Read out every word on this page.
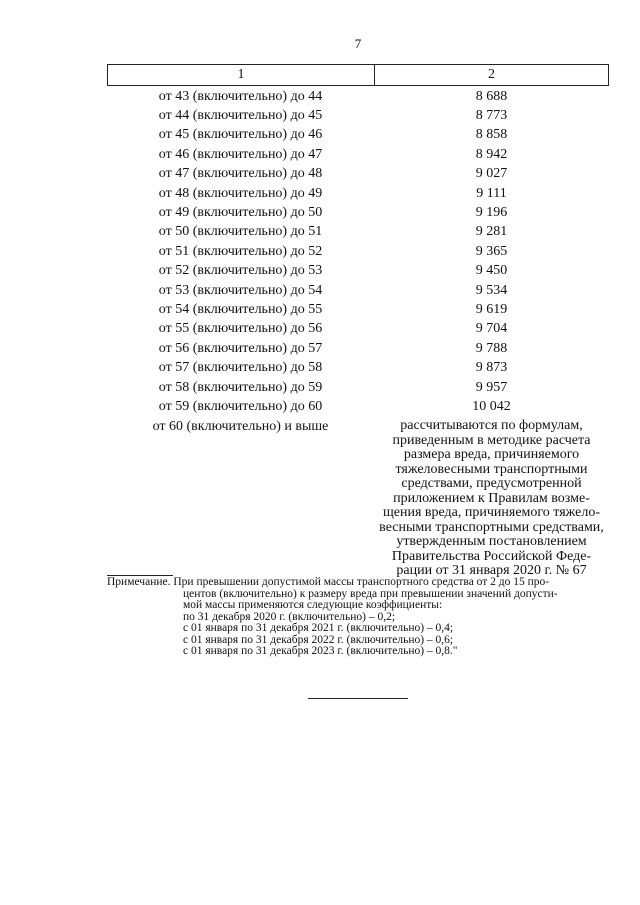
7
1	2
от 43 (включительно) до 44	8 688
от 44 (включительно) до 45	8 773
от 45 (включительно) до 46	8 858
от 46 (включительно) до 47	8 942
от 47 (включительно) до 48	9 027
от 48 (включительно) до 49	9 111
от 49 (включительно) до 50	9 196
от 50 (включительно) до 51	9 281
от 51 (включительно) до 52	9 365
от 52 (включительно) до 53	9 450
от 53 (включительно) до 54	9 534
от 54 (включительно) до 55	9 619
от 55 (включительно) до 56	9 704
от 56 (включительно) до 57	9 788
от 57 (включительно) до 58	9 873
от 58 (включительно) до 59	9 957
от 59 (включительно) до 60	10 042
от 60 (включительно) и выше	рассчитываются по формулам,
приведенным в методике расчета
размера вреда, причиняемого
тяжеловесными транспортными
средствами, предусмотренной
приложением к Правилам возме-
щения вреда, причиняемого тяжело-
весными транспортными средствами,
утвержденным постановлением
Правительства Российской Феде-
рации от 31 января 2020 г. № 67
Примечание. При превышении допустимой массы транспортного средства от 2 до 15 про-
центов (включительно) к размеру вреда при превышении значений допусти-
мой массы применяются следующие коэффициенты:
по 31 декабря 2020 г. (включительно) – 0,2;
с 01 января по 31 декабря 2021 г. (включительно) – 0,4;
с 01 января по 31 декабря 2022 г. (включительно) – 0,6;
с 01 января по 31 декабря 2023 г. (включительно) – 0,8."
